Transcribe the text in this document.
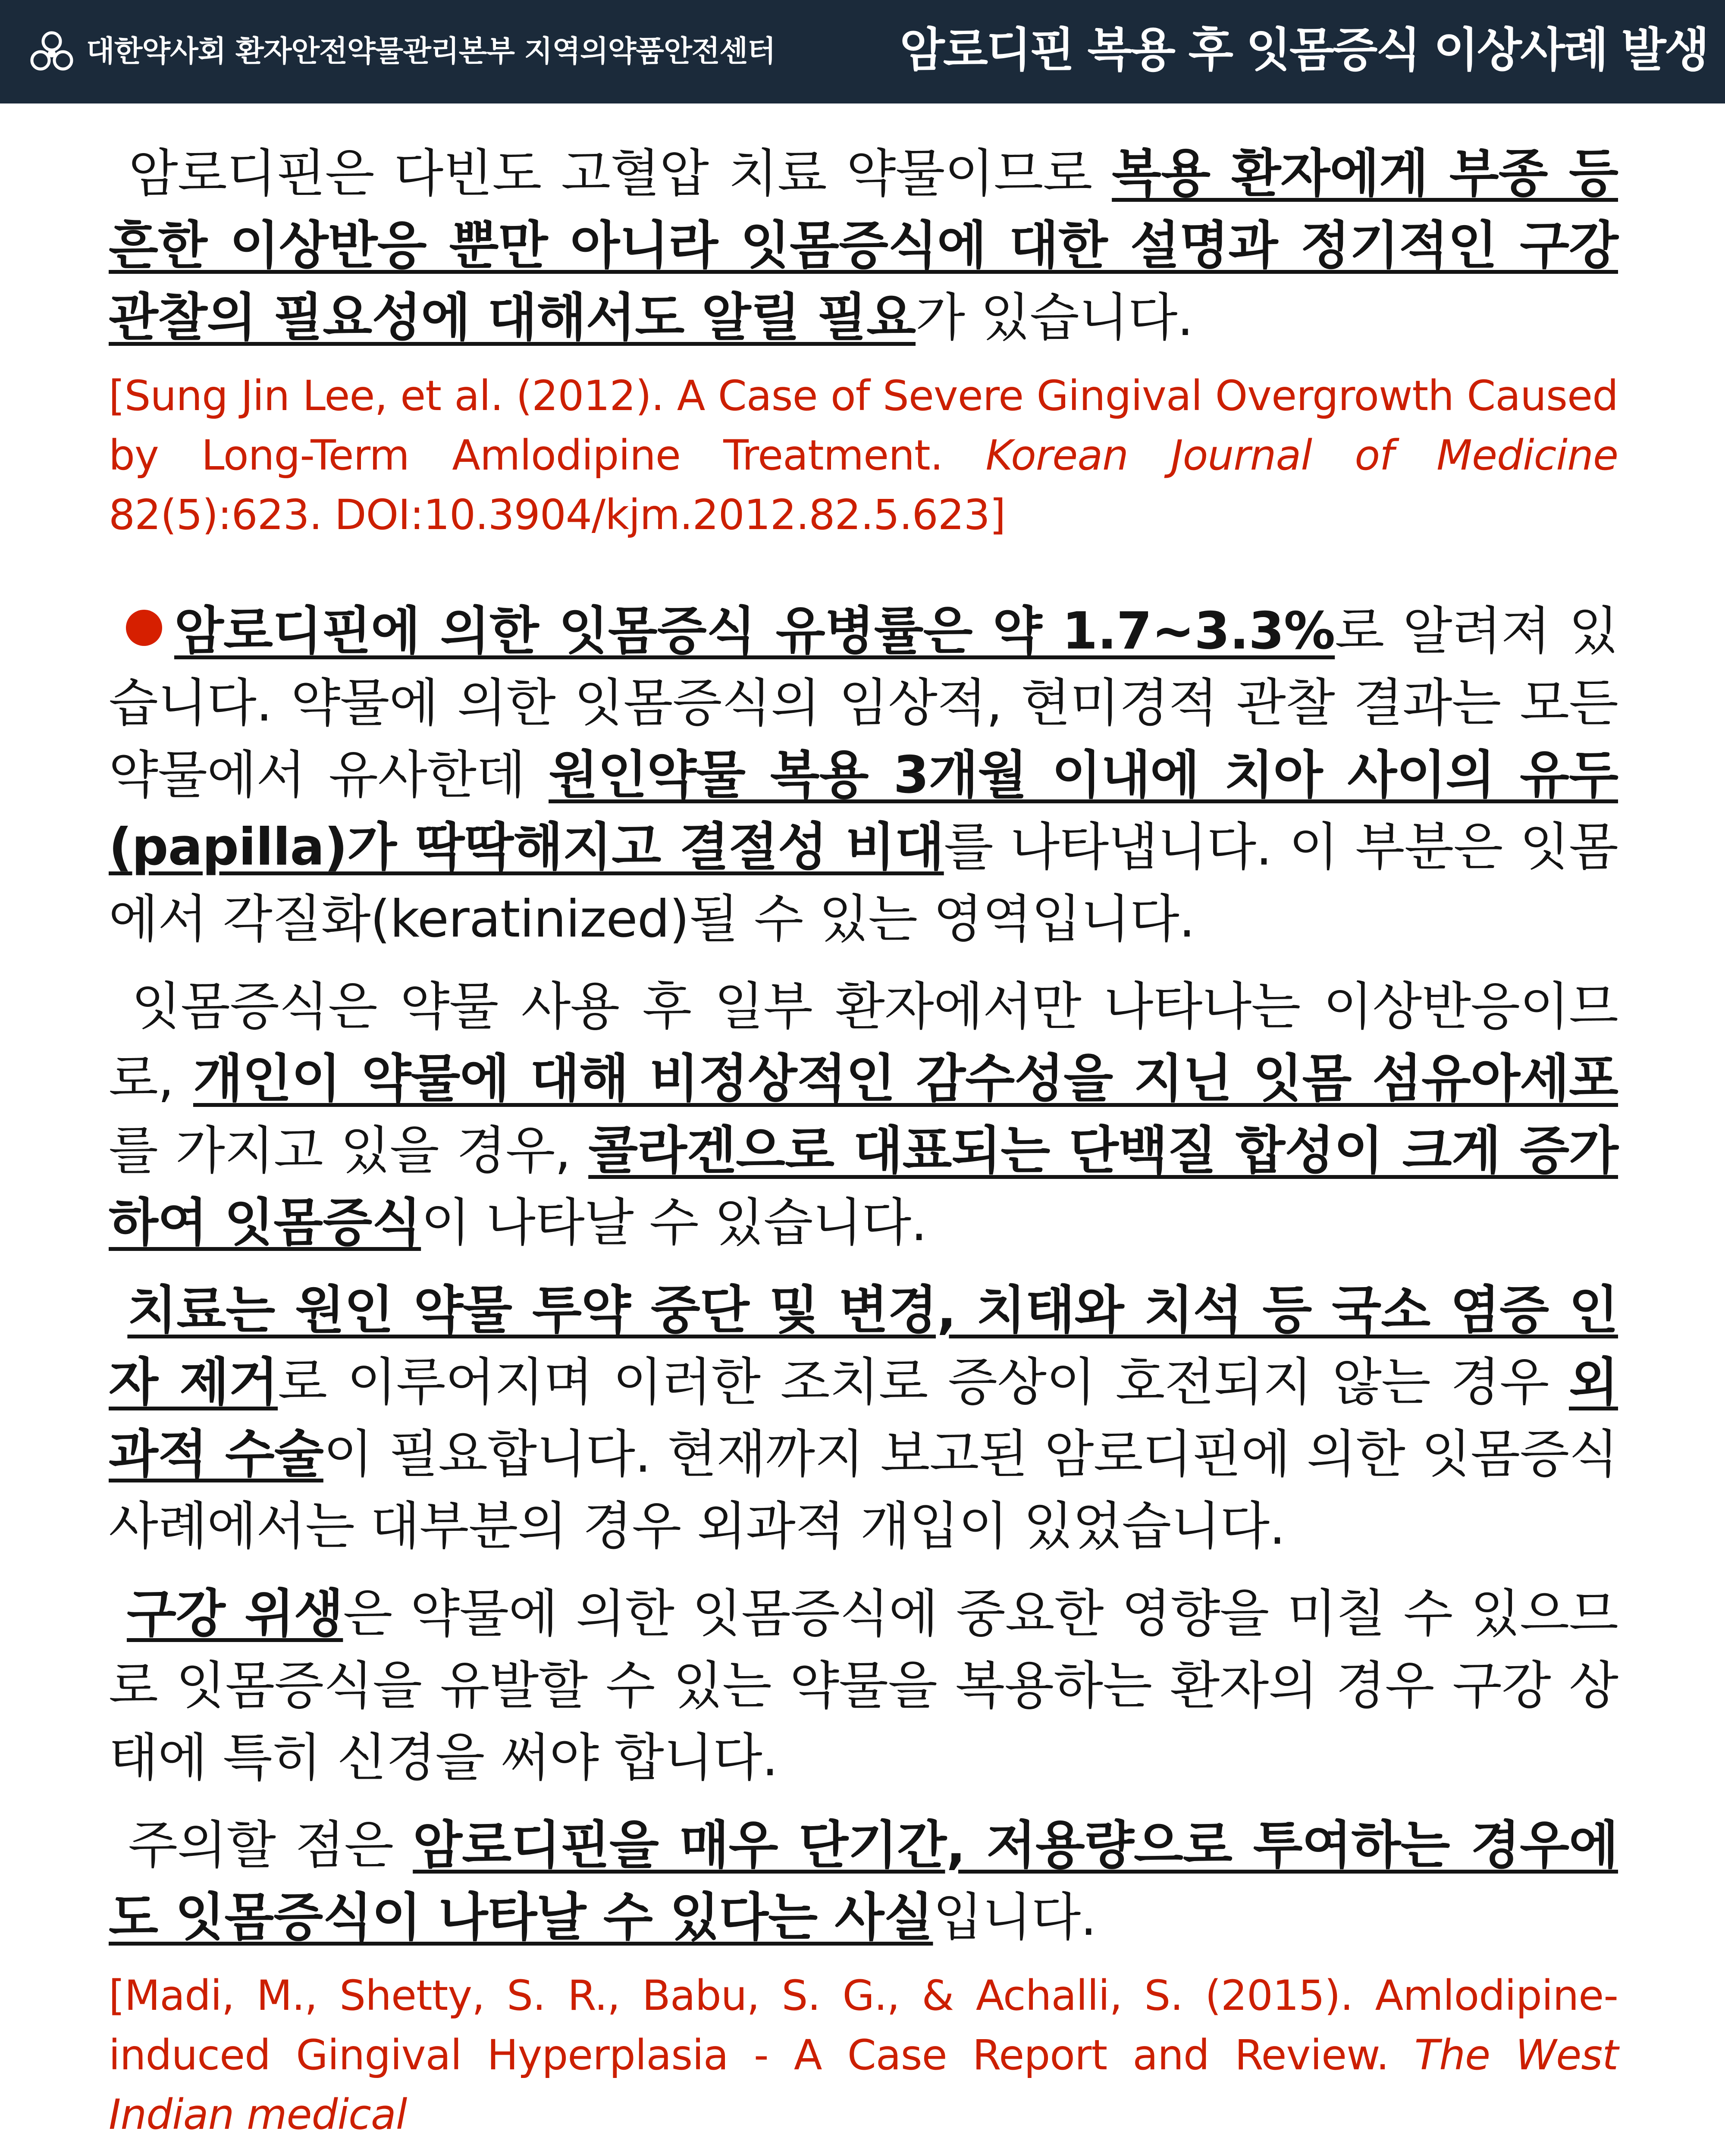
대한약사회 환자안전약물관리본부 지역의약품안전센터	암로디핀 복용 후 잇몸증식 이상사례 발생

암로디핀은 다빈도 고혈압 치료 약물이므로 복용 환자에게 부종 등 흔한 이상반응 뿐만 아니라 잇몸증식에 대한 설명과 정기적인 구강관찰의 필요성에 대해서도 알릴 필요가 있습니다.

[Sung Jin Lee, et al. (2012). A Case of Severe Gingival Overgrowth Caused by Long-Term Amlodipine Treatment. Korean Journal of Medicine 82(5):623. DOI:10.3904/kjm.2012.82.5.623]

암로디핀에 의한 잇몸증식 유병률은 약 1.7~3.3%로 알려져 있습니다. 약물에 의한 잇몸증식의 임상적, 현미경적 관찰 결과는 모든 약물에서 유사한데 원인약물 복용 3개월 이내에 치아 사이의 유두(papilla)가 딱딱해지고 결절성 비대를 나타냅니다. 이 부분은 잇몸에서 각질화(keratinized)될 수 있는 영역입니다.

잇몸증식은 약물 사용 후 일부 환자에서만 나타나는 이상반응이므로, 개인이 약물에 대해 비정상적인 감수성을 지닌 잇몸 섬유아세포를 가지고 있을 경우, 콜라겐으로 대표되는 단백질 합성이 크게 증가하여 잇몸증식이 나타날 수 있습니다.

치료는 원인 약물 투약 중단 및 변경, 치태와 치석 등 국소 염증 인자 제거로 이루어지며 이러한 조치로 증상이 호전되지 않는 경우 외과적 수술이 필요합니다. 현재까지 보고된 암로디핀에 의한 잇몸증식 사례에서는 대부분의 경우 외과적 개입이 있었습니다.

구강 위생은 약물에 의한 잇몸증식에 중요한 영향을 미칠 수 있으므로 잇몸증식을 유발할 수 있는 약물을 복용하는 환자의 경우 구강 상태에 특히 신경을 써야 합니다.

주의할 점은 암로디핀을 매우 단기간, 저용량으로 투여하는 경우에도 잇몸증식이 나타날 수 있다는 사실입니다.

[Madi, M., Shetty, S. R., Babu, S. G., & Achalli, S. (2015). Amlodipine-induced Gingival Hyperplasia - A Case Report and Review. The West Indian medical
